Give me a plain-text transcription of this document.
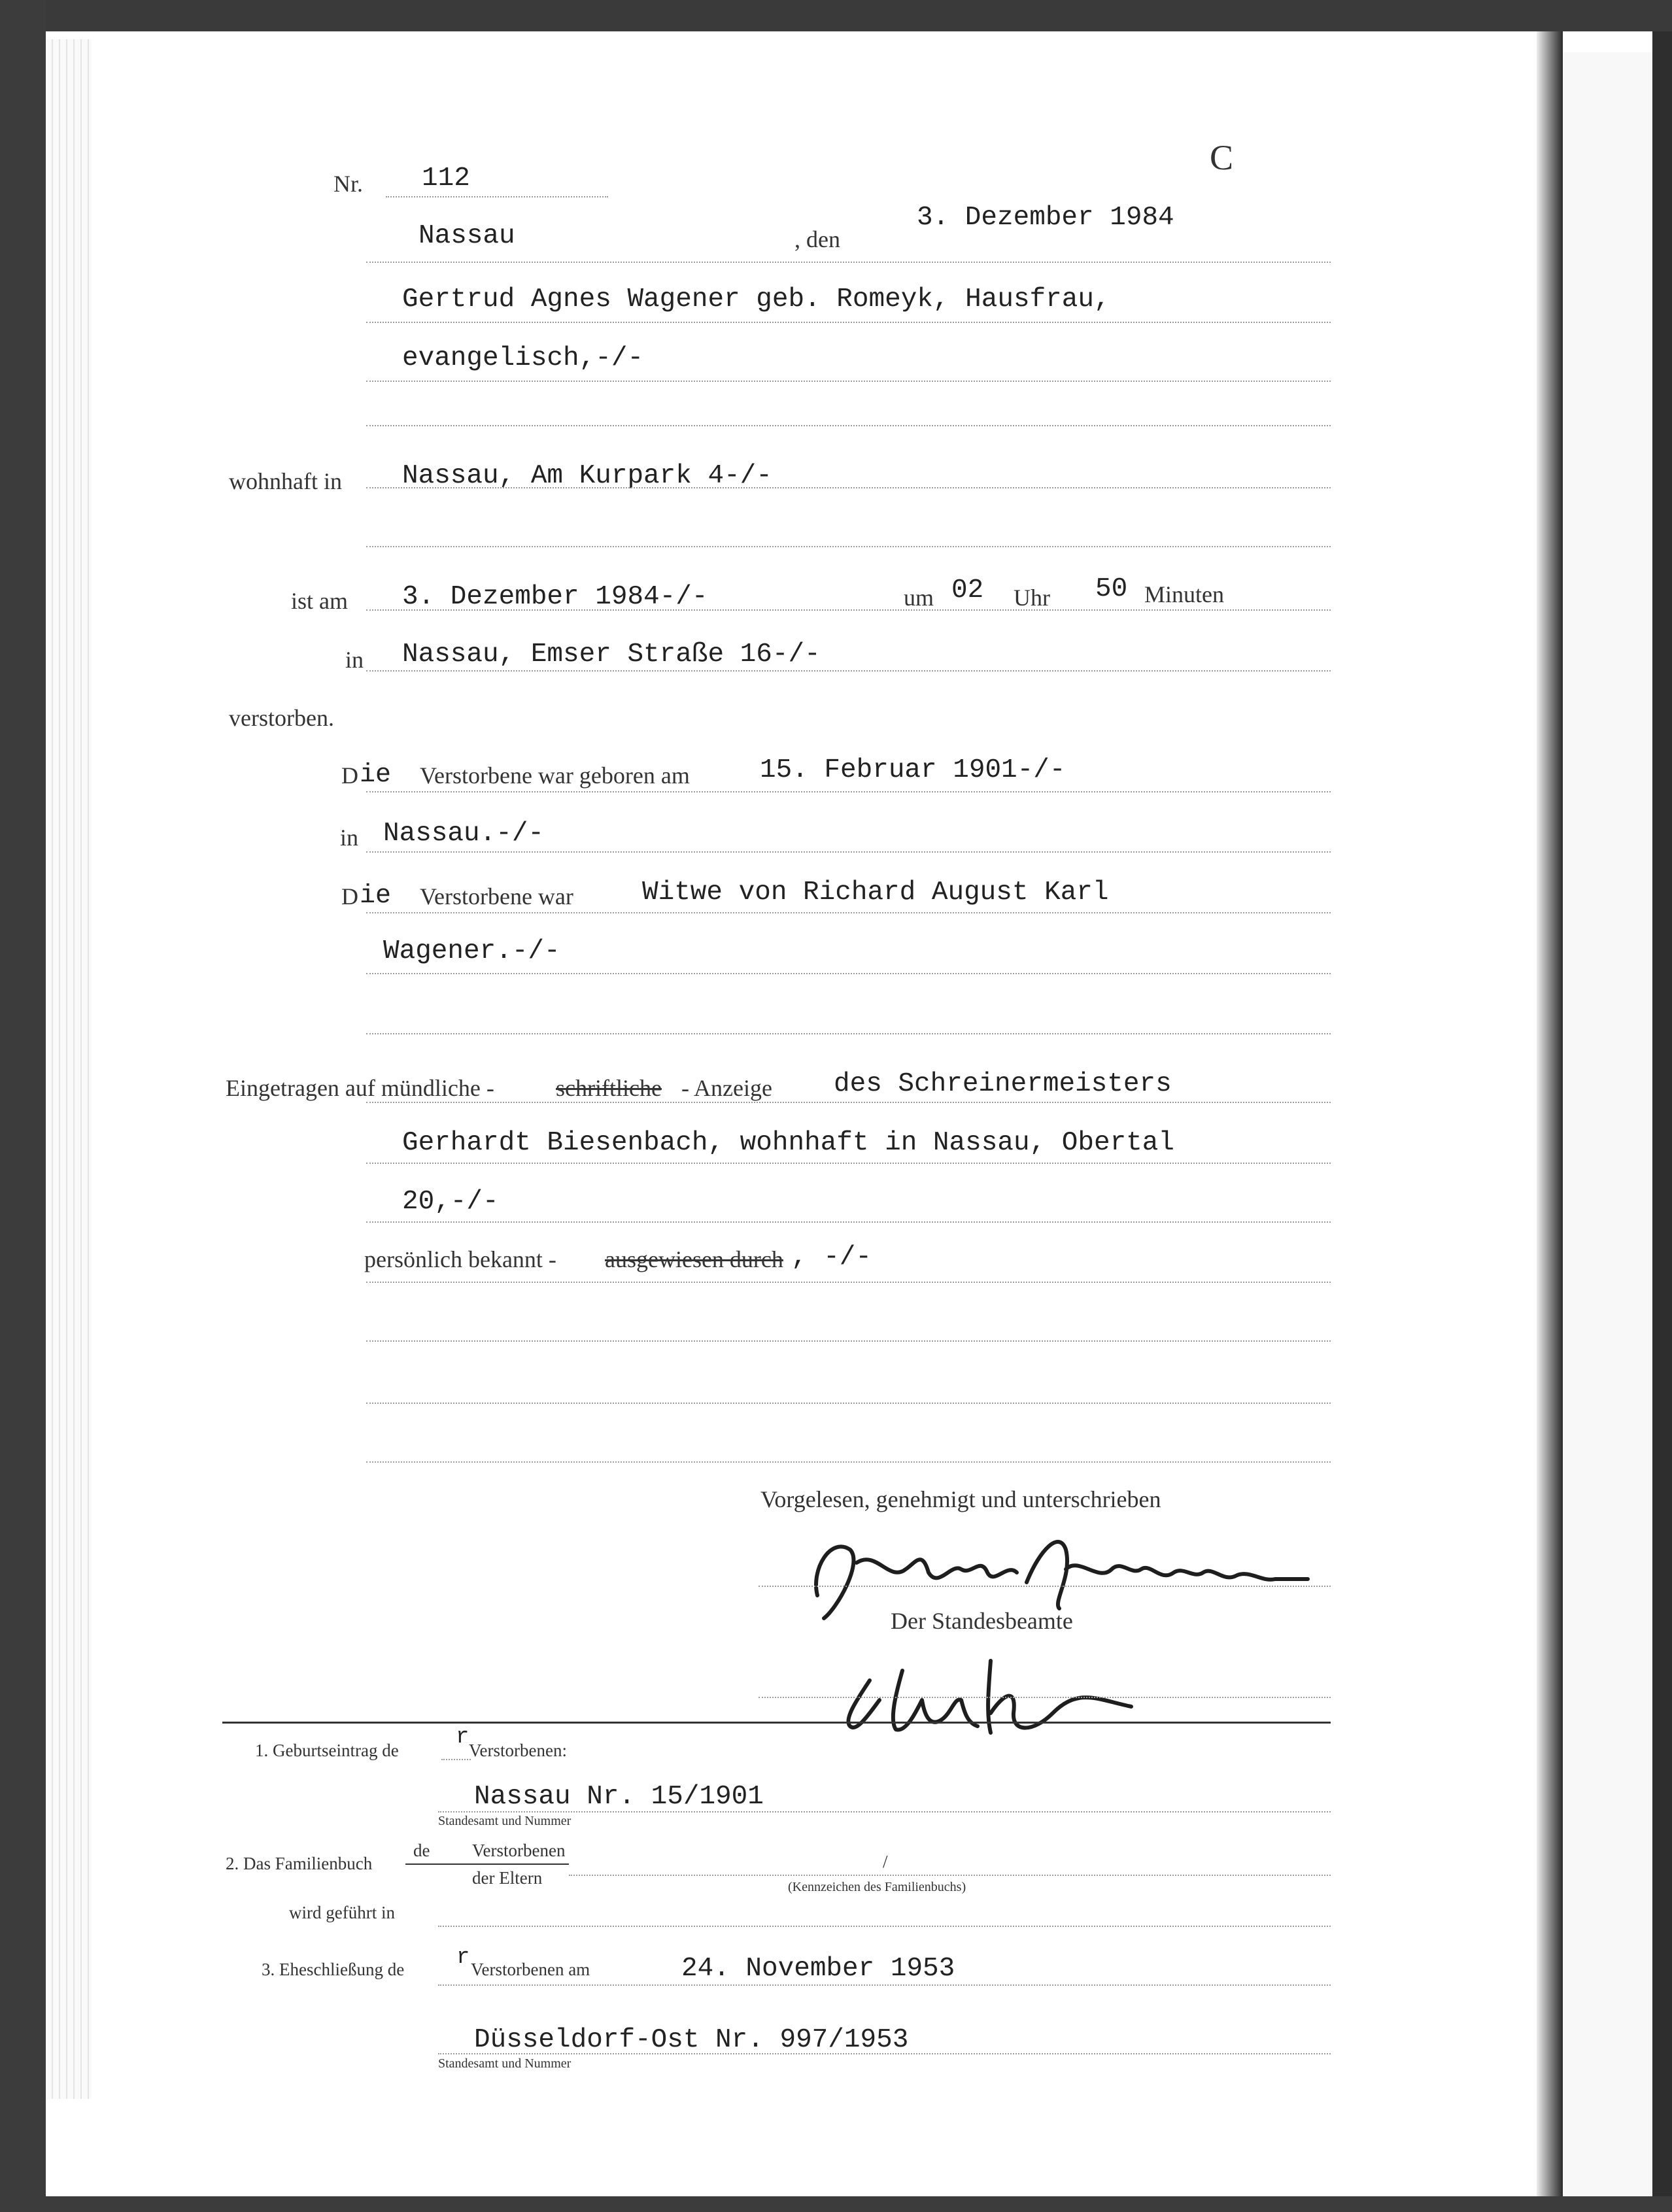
C
Nr. 112
Nassau	, den
3. Dezember 1984
Gertrud Agnes Wagener geb. Romeyk, Hausfrau,
evangelisch,-/-
wohnhaft in Nassau, Am Kurpark 4-/-
ist am 3. Dezember 1984-/-	um 02 Uhr 50 Minuten
in Nassau, Emser Straße 16-/-
verstorben.
D ie Verstorbene war geboren am	15. Februar 1901-/-
in Nassau.-/-
D ie Verstorbene war	Witwe von Richard August Karl
Wagener.-/-
Eingetragen auf mündliche -	schriftliche - Anzeige des Schreinermeisters
Gerhardt Biesenbach, wohnhaft in Nassau, Obertal
20,-/-
persönlich bekannt - ausgewiesen durch , -/-
Vorgelesen, genehmigt und unterschrieben
Der Standesbeamte
1. Geburtseintrag de
r
Verstorbenen:
Nassau Nr. 15/1901
Standesamt und Nummer
2. Das Familienbuch
de Verstorbenen
der Eltern
/
(Kennzeichen des Familienbuchs)
wird geführt in
3. Eheschließung de r Verstorbenen am	24. November 1953
Düsseldorf-Ost Nr. 997/1953
Standesamt und Nummer
